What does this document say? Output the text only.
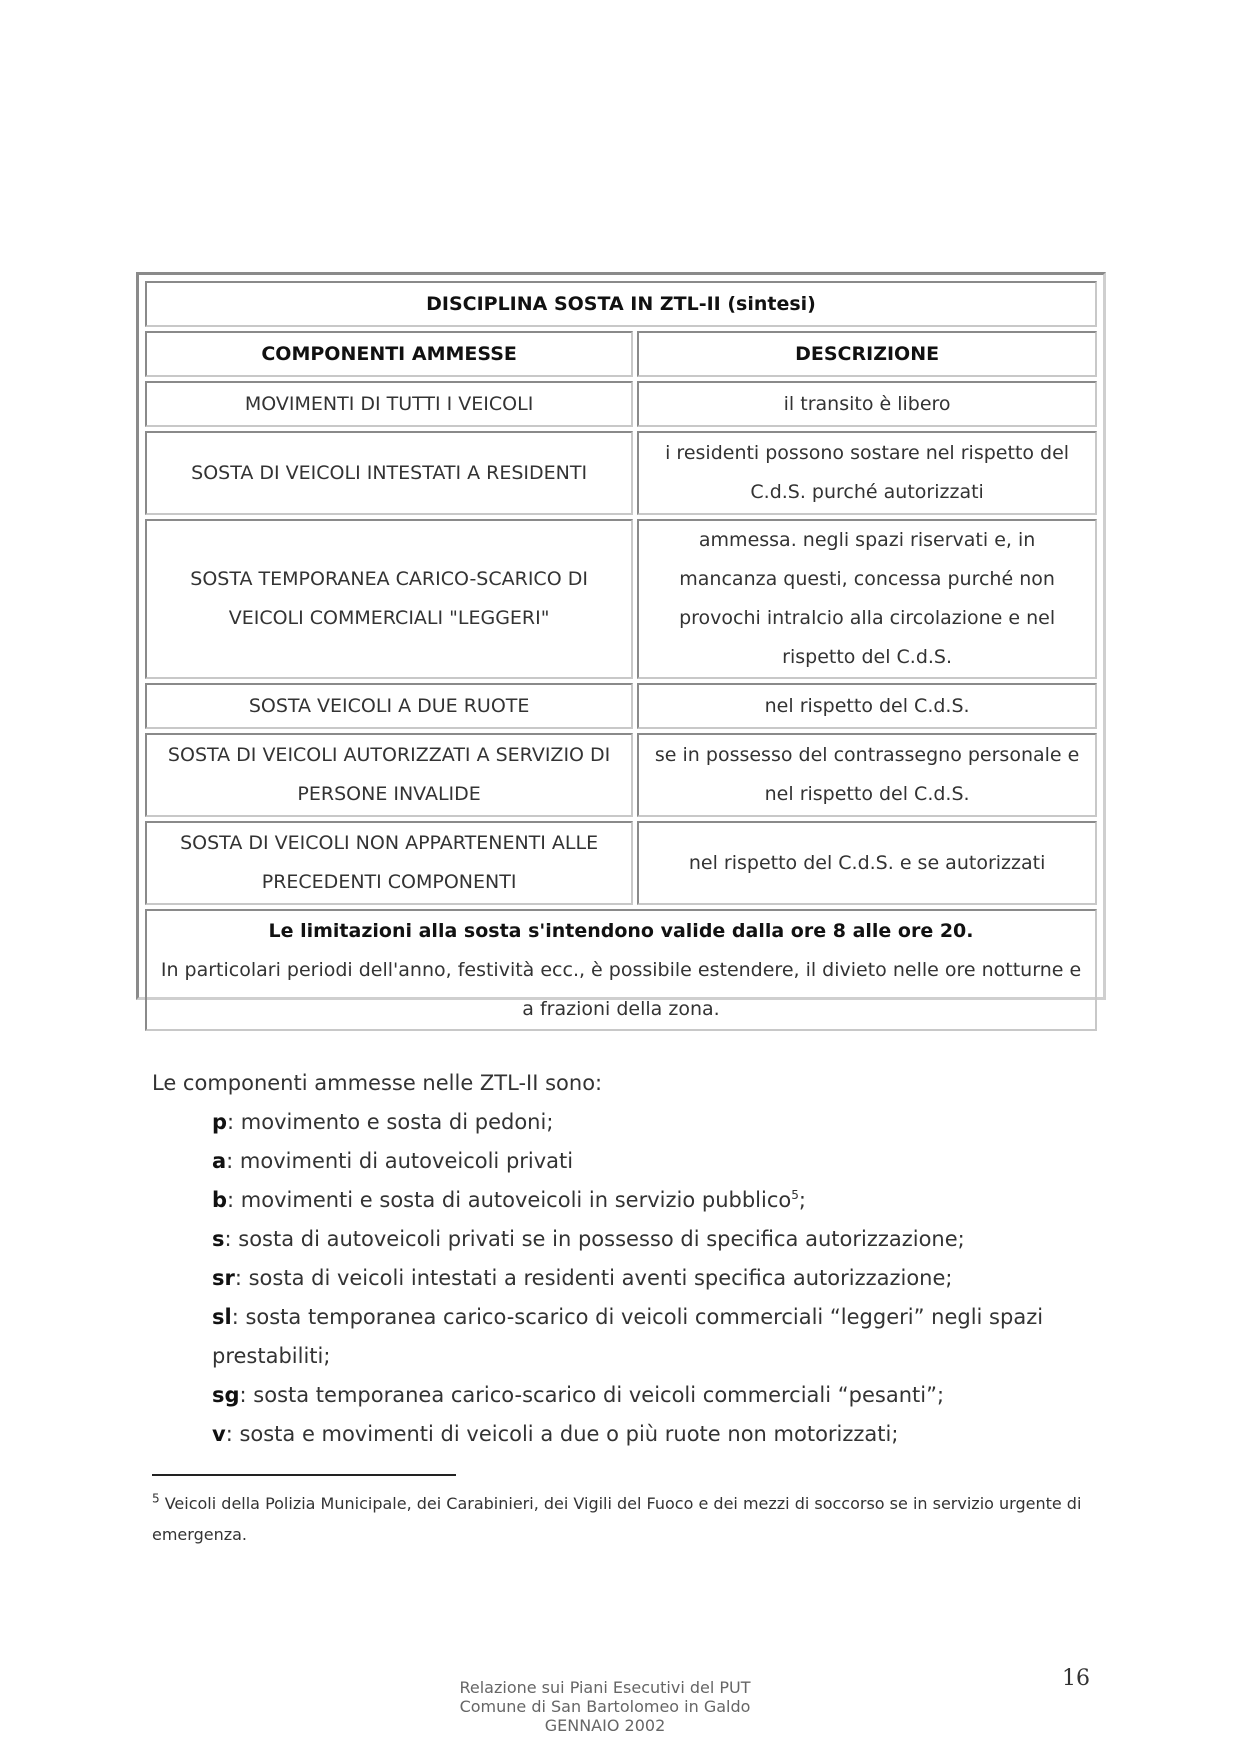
DISCIPLINA SOSTA IN ZTL-II (sintesi)	
COMPONENTI AMMESSE	DESCRIZIONE
MOVIMENTI DI TUTTI I VEICOLI	il transito è libero
SOSTA DI VEICOLI INTESTATI A RESIDENTI	i residenti possono sostare nel rispetto del C.d.S. purché autorizzati
SOSTA TEMPORANEA CARICO-SCARICO DI VEICOLI COMMERCIALI "LEGGERI"	ammessa. negli spazi riservati e, in mancanza questi, concessa purché non provochi intralcio alla circolazione e nel rispetto del C.d.S.
SOSTA VEICOLI A DUE RUOTE	nel rispetto del C.d.S.
SOSTA DI VEICOLI AUTORIZZATI A SERVIZIO DI PERSONE INVALIDE	se in possesso del contrassegno personale e nel rispetto del C.d.S.
SOSTA DI VEICOLI NON APPARTENENTI ALLE PRECEDENTI COMPONENTI	nel rispetto del C.d.S. e se autorizzati

Le limitazioni alla sosta s'intendono valide dalla ore 8 alle ore 20.
In particolari periodi dell'anno, festività ecc., è possibile estendere, il divieto nelle ore notturne e a frazioni della zona.	

Le componenti ammesse nelle ZTL-II sono:

p: movimento e sosta di pedoni;

a: movimenti di autoveicoli privati

b: movimenti e sosta di autoveicoli in servizio pubblico$^5$;

s: sosta di autoveicoli privati se in possesso di specifica autorizzazione;

sr: sosta di veicoli intestati a residenti aventi specifica autorizzazione;

sl: sosta temporanea carico-scarico di veicoli commerciali “leggeri” negli spazi prestabiliti;

sg: sosta temporanea carico-scarico di veicoli commerciali “pesanti”;

v: sosta e movimenti di veicoli a due o più ruote non motorizzati;

$^5$ Veicoli della Polizia Municipale, dei Carabinieri, dei Vigili del Fuoco e dei mezzi di soccorso se in servizio urgente di emergenza.
Relazione sui Piani Esecutivi del PUT
Comune di San Bartolomeo in Galdo
GENNAIO 2002
16
